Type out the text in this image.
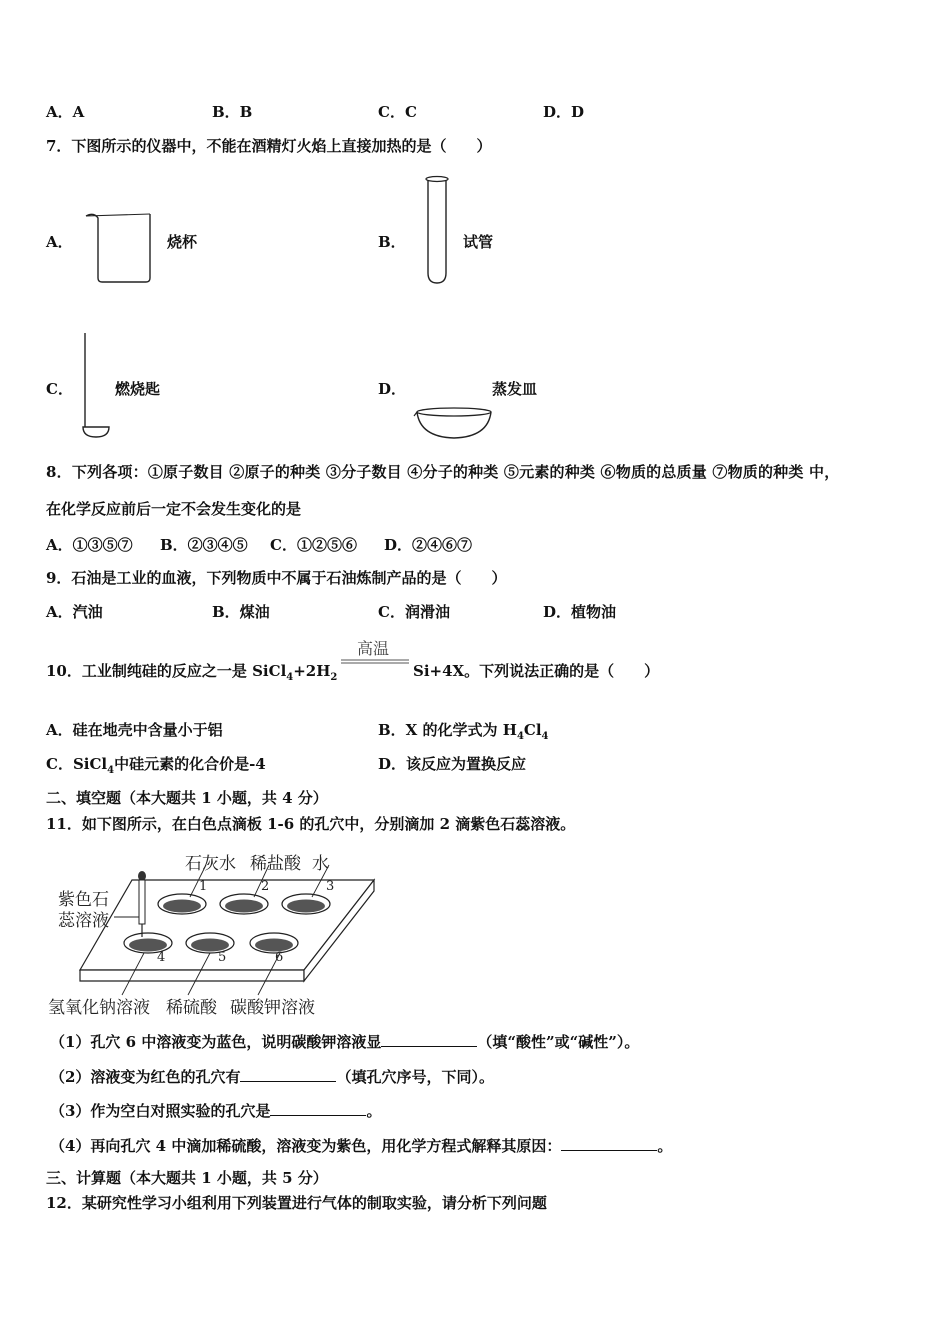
A．A	B．B	C．C	D．D
7．下图所示的仪器中，不能在酒精灯火焰上直接加热的是（　　）
A．	烧杯	B．	试管
C．	燃烧匙	D．	蒸发皿
8．下列各项：①原子数目 ②原子的种类 ③分子数目 ④分子的种类 ⑤元素的种类 ⑥物质的总质量 ⑦物质的种类 中，
在化学反应前后一定不会发生变化的是
A．①③⑤⑦ B．②③④⑤ C．①②⑤⑥ D．②④⑥⑦
9．石油是工业的血液，下列物质中不属于石油炼制产品的是（　　）
A．汽油	B．煤油	C．润滑油	D．植物油
10．工业制纯硅的反应之一是 $SiCl_4+2H_2$
高温
Si+4X。下列说法正确的是（　　）
A．硅在地壳中含量小于铝	B．X 的化学式为 $H_4Cl_4$
C．SiCl$_4$中硅元素的化合价是-4	D．该反应为置换反应
二、填空题（本大题共 1 小题，共 4 分）
11．如下图所示，在白色点滴板 1-6 的孔穴中，分别滴加 2 滴紫色石蕊溶液。
石灰水 稀盐酸 水
紫色石
蕊溶液
1	2	3
4	5	6
氢氧化钠溶液 稀硫酸 碳酸钾溶液
（1）孔穴 6 中溶液变为蓝色，说明碳酸钾溶液显	（填“酸性”或“碱性”）。
（2）溶液变为红色的孔穴有	（填孔穴序号，下同）。
（3）作为空白对照实验的孔穴是	。
（4）再向孔穴 4 中滴加稀硫酸，溶液变为紫色，用化学方程式解释其原因：	。
三、计算题（本大题共 1 小题，共 5 分）
12．某研究性学习小组利用下列装置进行气体的制取实验，请分析下列问题
